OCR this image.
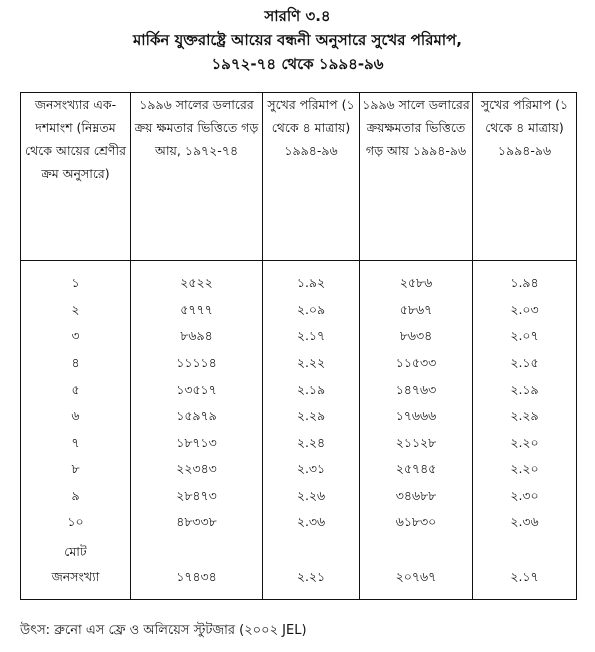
সারণি ৩.৪
মার্কিন যুক্তরাষ্ট্রে আয়ের বন্ধনী অনুসারে সুখের পরিমাপ,
১৯৭২-৭৪ থেকে ১৯৯৪-৯৬
জনসংখ্যার এক-দশমাংশ (নিম্নতম থেকে আয়ের শ্রেণীর ক্রম অনুসারে)	১৯৯৬ সালের ডলারের ক্রয় ক্ষমতার ভিত্তিতে গড় আয়, ১৯৭২-৭৪	সুখের পরিমাপ (১ থেকে ৪ মাত্রায়) ১৯৯৪-৯৬	১৯৯৬ সালে ডলারের ক্রয়ক্ষমতার ভিত্তিতে গড় আয় ১৯৯৪-৯৬	সুখের পরিমাপ (১ থেকে ৪ মাত্রায়) ১৯৯৪-৯৬
১	২৫২২	১.৯২	২৫৮৬	১.৯৪
২	৫৭৭৭	২.০৯	৫৮৬৭	২.০৩
৩	৮৬৯৪	২.১৭	৮৬৩৪	২.০৭
৪	১১১১৪	২.২২	১১৫৩৩	২.১৫
৫	১৩৫১৭	২.১৯	১৪৭৬৩	২.১৯
৬	১৫৯৭৯	২.২৯	১৭৬৬৬	২.২৯
৭	১৮৭১৩	২.২৪	২১১২৮	২.২০
৮	২২৩৪৩	২.৩১	২৫৭৪৫	২.২০
৯	২৮৪৭৩	২.২৬	৩৪৬৮৮	২.৩০
১০	৪৮৩৩৮	২.৩৬	৬১৮৩০	২.৩৬

মোট
জনসংখ্যা	১৭৪৩৪	২.২১	২০৭৬৭	২.১৭
উৎস: ব্রুনো এস ফ্রে ও অলিয়েস স্টুটজার (২০০২ JEL)
